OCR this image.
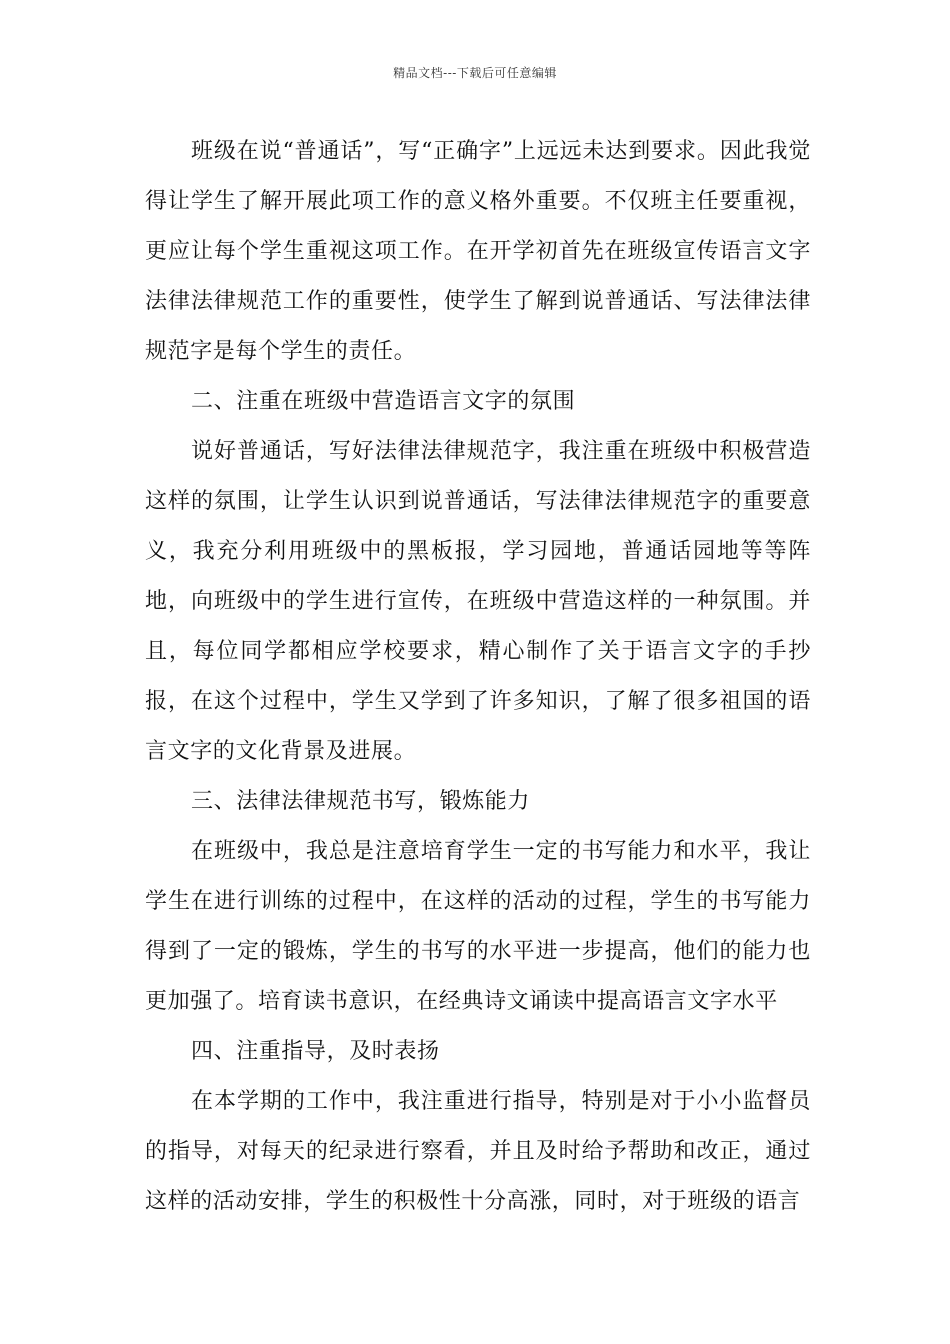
精品文档---下载后可任意编辑

班级在说“普通话”，写“正确字”上远远未达到要求。因此我觉得让学生了解开展此项工作的意义格外重要。不仅班主任要重视，更应让每个学生重视这项工作。在开学初首先在班级宣传语言文字法律法律规范工作的重要性，使学生了解到说普通话、写法律法律规范字是每个学生的责任。

二、注重在班级中营造语言文字的氛围

说好普通话，写好法律法律规范字，我注重在班级中积极营造这样的氛围，让学生认识到说普通话，写法律法律规范字的重要意义，我充分利用班级中的黑板报，学习园地，普通话园地等等阵地，向班级中的学生进行宣传，在班级中营造这样的一种氛围。并且，每位同学都相应学校要求，精心制作了关于语言文字的手抄报，在这个过程中，学生又学到了许多知识，了解了很多祖国的语言文字的文化背景及进展。

三、法律法律规范书写，锻炼能力

在班级中，我总是注意培育学生一定的书写能力和水平，我让学生在进行训练的过程中，在这样的活动的过程，学生的书写能力得到了一定的锻炼，学生的书写的水平进一步提高，他们的能力也更加强了。培育读书意识，在经典诗文诵读中提高语言文字水平

四、注重指导，及时表扬

在本学期的工作中，我注重进行指导，特别是对于小小监督员的指导，对每天的纪录进行察看，并且及时给予帮助和改正，通过这样的活动安排，学生的积极性十分高涨，同时，对于班级的语言
